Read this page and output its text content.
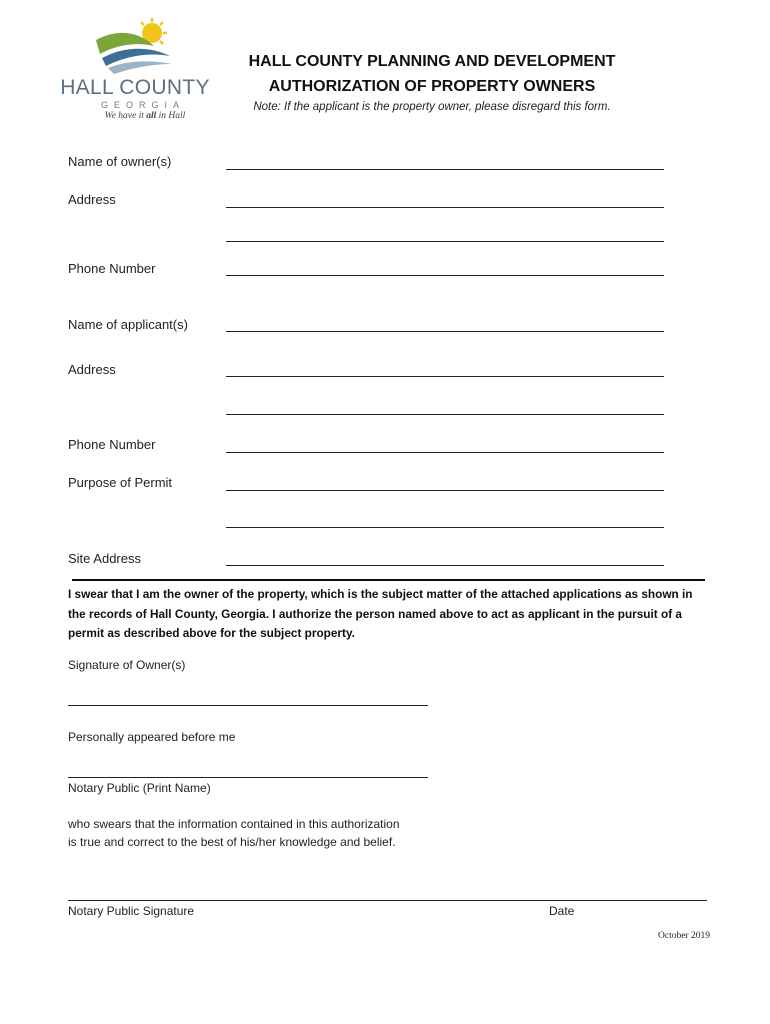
HALL COUNTY
GEORGIA
We have it all in Hall
HALL COUNTY PLANNING AND DEVELOPMENT
AUTHORIZATION OF PROPERTY OWNERS
Note: If the applicant is the property owner, please disregard this form.
Name of owner(s)
Address
Phone Number
Name of applicant(s)
Address
Phone Number
Purpose of Permit
Site Address
I swear that I am the owner of the property, which is the subject matter of the attached applications as shown in the records of Hall County, Georgia. I authorize the person named above to act as applicant in the pursuit of a permit as described above for the subject property.
Signature of Owner(s)
Personally appeared before me
Notary Public (Print Name)
who swears that the information contained in this authorization
is true and correct to the best of his/her knowledge and belief.
Notary Public Signature	Date
October 2019
